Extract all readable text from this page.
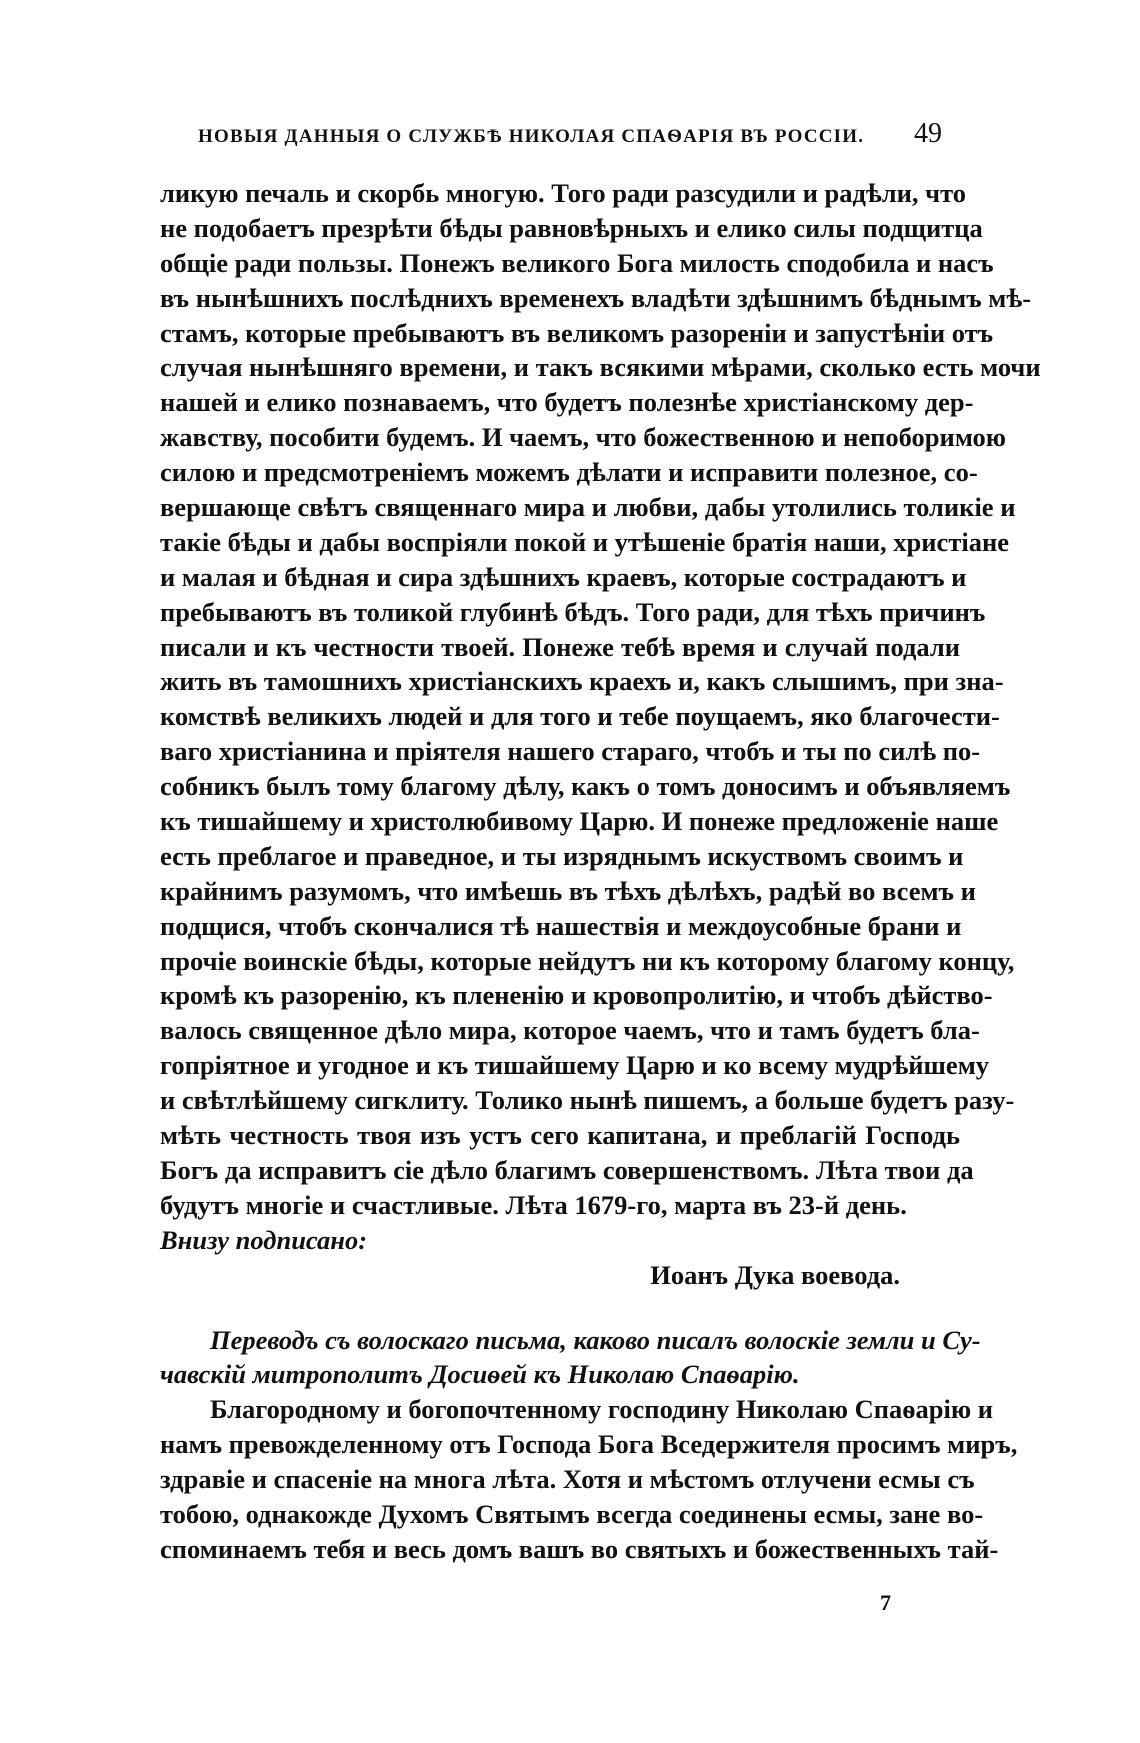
НОВЫЯ ДАННЫЯ О СЛУЖБѢ НИКОЛАЯ СПАѲАРІЯ ВЪ РОССІИ.	49
ликую печаль и скорбь многую. Того ради разсудили и радѣли, что
не подобаетъ презрѣти бѣды равновѣрныхъ и елико силы подщитца
общіе ради пользы. Понежъ великого Бога милость сподобила и насъ
въ нынѣшнихъ послѣднихъ временехъ владѣти здѣшнимъ бѣднымъ мѣ-
стамъ, которые пребываютъ въ великомъ разореніи и запустѣніи отъ
случая нынѣшняго времени, и такъ всякими мѣрами, сколько есть мочи
нашей и елико познаваемъ, что будетъ полезнѣе христіанскому дер-
жавству, пособити будемъ. И чаемъ, что божественною и непоборимою
силою и предсмотреніемъ можемъ дѣлати и исправити полезное, со-
вершающе свѣтъ священнаго мира и любви, дабы утолились толикіе и
такіе бѣды и дабы воспріяли покой и утѣшеніе братія наши, христіане
и малая и бѣдная и сира здѣшнихъ краевъ, которые сострадаютъ и
пребываютъ въ толикой глубинѣ бѣдъ. Того ради, для тѣхъ причинъ
писали и къ честности твоей. Понеже тебѣ время и случай подали
жить въ тамошнихъ христіанскихъ краехъ и, какъ слышимъ, при зна-
комствѣ великихъ людей и для того и тебе поущаемъ, яко благочести-
ваго христіанина и пріятеля нашего стараго, чтобъ и ты по силѣ по-
собникъ былъ тому благому дѣлу, какъ о томъ доносимъ и объявляемъ
къ тишайшему и христолюбивому Царю. И понеже предложеніе наше
есть преблагое и праведное, и ты изряднымъ искуствомъ своимъ и
крайнимъ разумомъ, что имѣешь въ тѣхъ дѣлѣхъ, радѣй во всемъ и
подщися, чтобъ скончалися тѣ нашествія и междоусобные брани и
прочіе воинскіе бѣды, которые нейдутъ ни къ которому благому концу,
кромѣ къ разоренію, къ плененію и кровопролитію, и чтобъ дѣйство-
валось священное дѣло мира, которое чаемъ, что и тамъ будетъ бла-
гопріятное и угодное и къ тишайшему Царю и ко всему мудрѣйшему
и свѣтлѣйшему сигклиту. Толико нынѣ пишемъ, а больше будетъ разу-
мѣть честность твоя изъ устъ сего капитана, и преблагій Господь
Богъ да исправитъ сіе дѣло благимъ совершенствомъ. Лѣта твои да
будутъ многіе и счастливые. Лѣта 1679-го, марта въ 23-й день.
Внизу подписано:
Иоанъ Дука воевода.
Переводъ съ волоскаго письма, каково писалъ волоскіе земли и Су-
чавскій митрополитъ Досиѳей къ Николаю Спаѳарію.
Благородному и богопочтенному господину Николаю Спаѳарію и
намъ превожделенному отъ Господа Бога Вседержителя просимъ миръ,
здравіе и спасеніе на многа лѣта. Хотя и мѣстомъ отлучени есмы съ
тобою, однакожде Духомъ Святымъ всегда соединены есмы, зане во-
споминаемъ тебя и весь домъ вашъ во святыхъ и божественныхъ тай-
7
